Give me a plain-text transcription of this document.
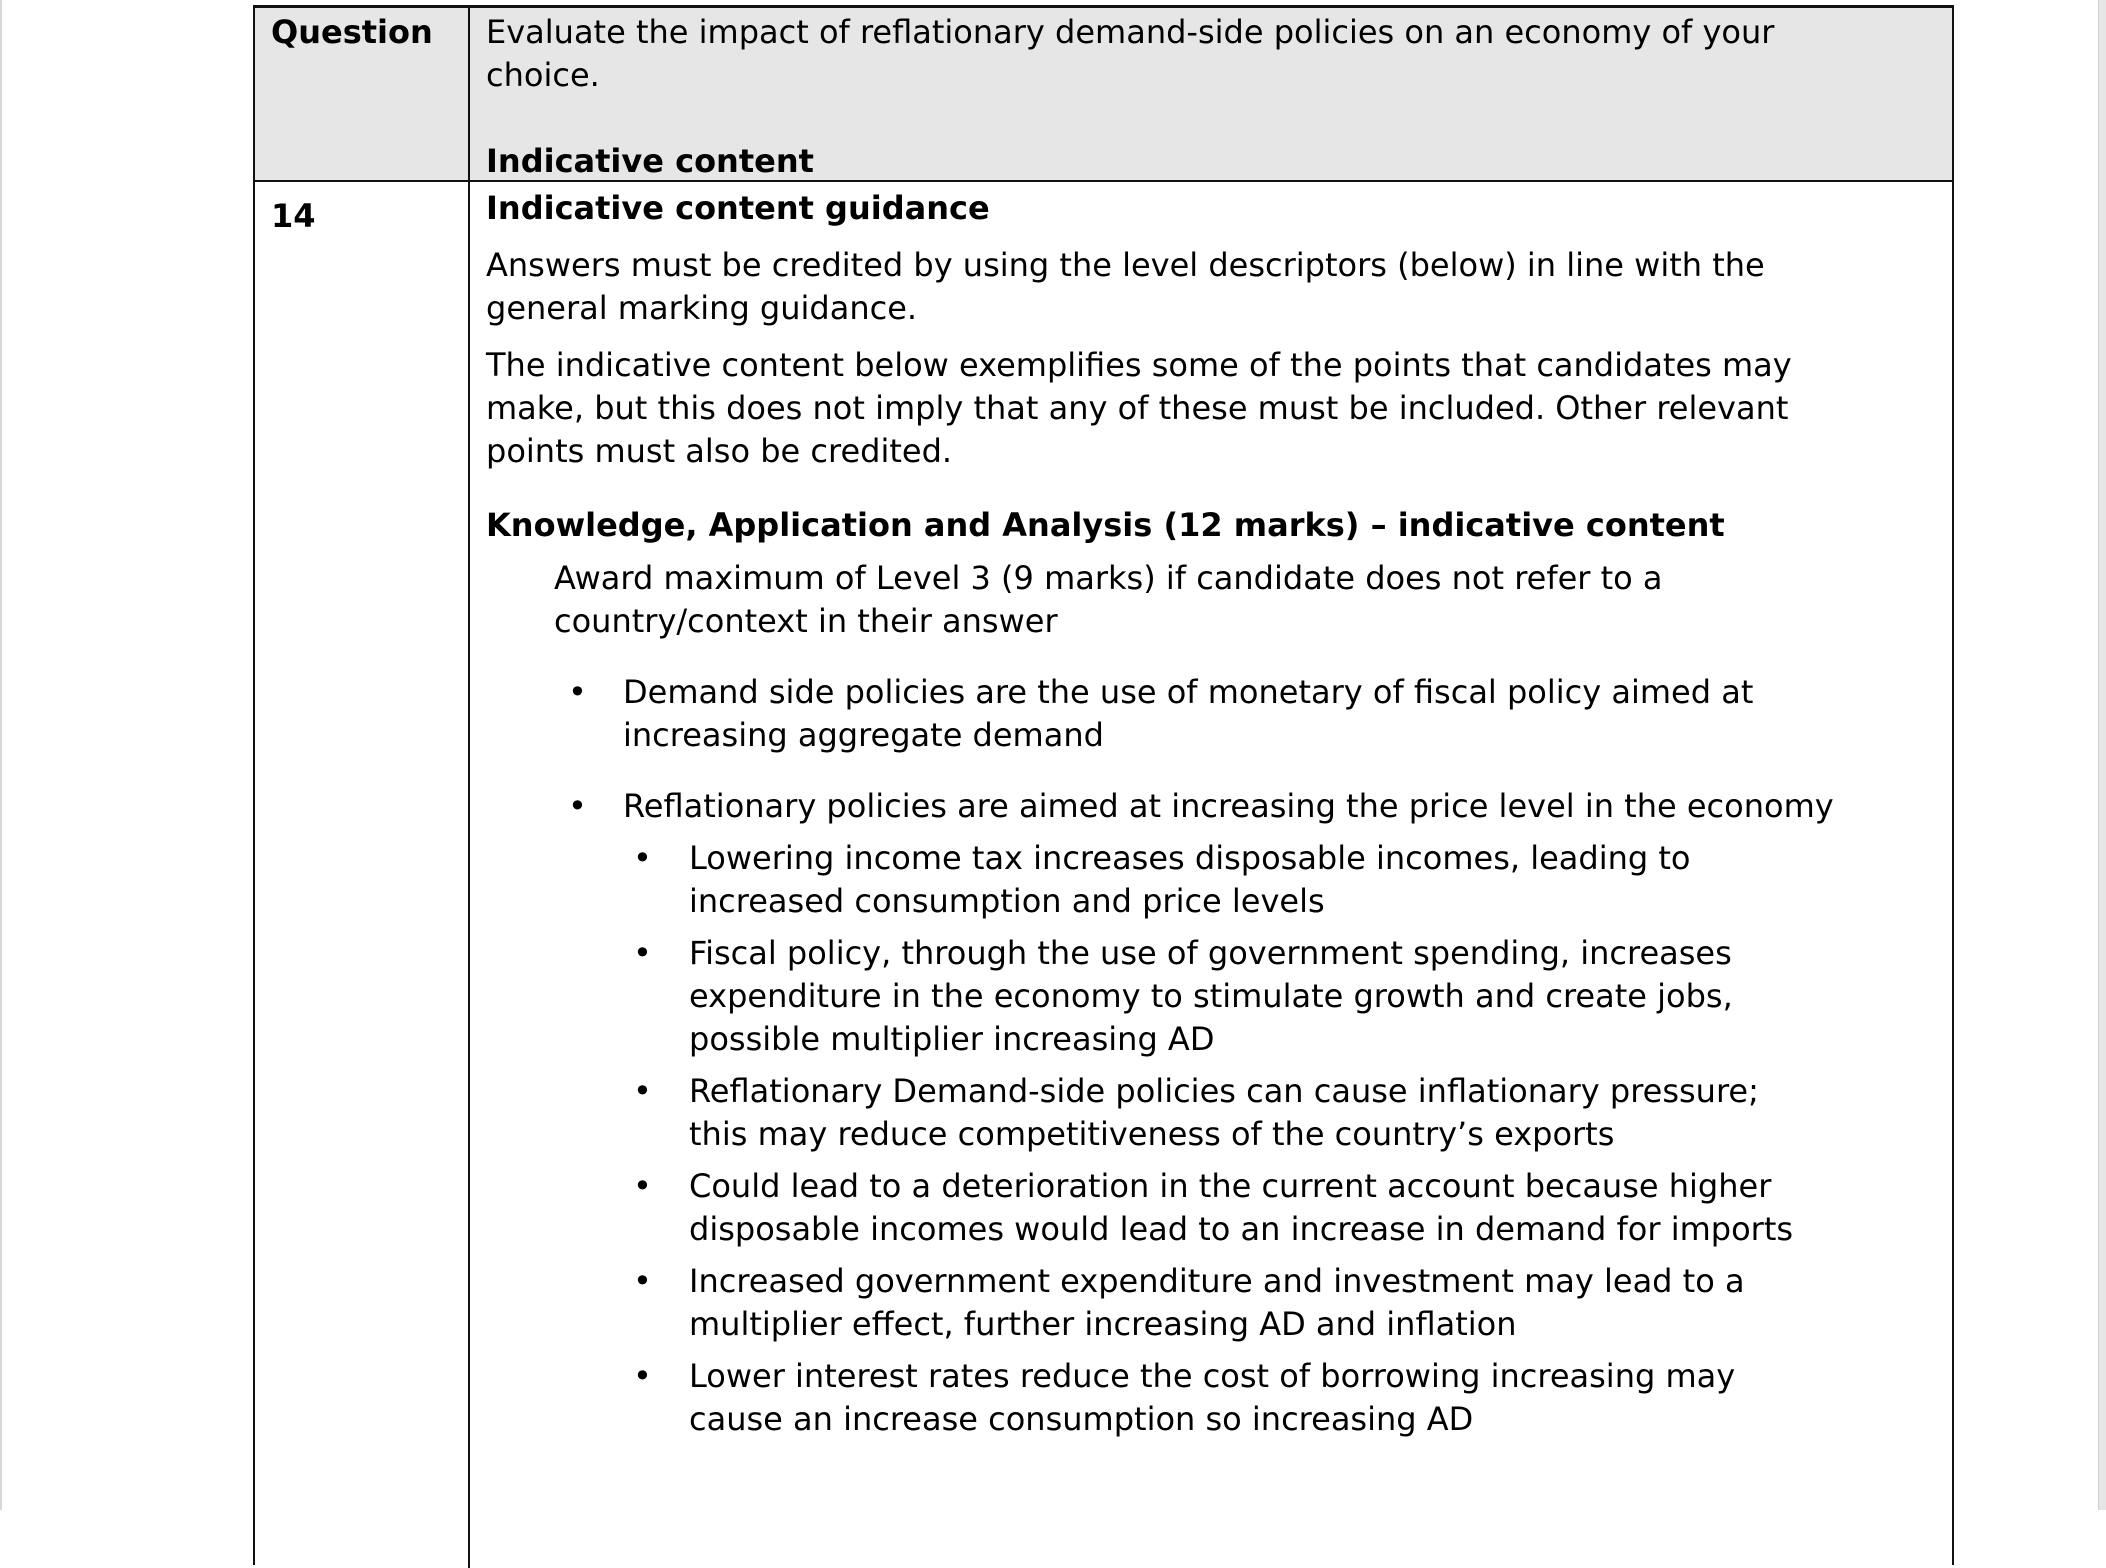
Question	Evaluate the impact of reflationary demand-side policies on an economy of your choice.
Indicative content
14	Indicative content guidance

Answers must be credited by using the level descriptors (below) in line with the general marking guidance.

The indicative content below exemplifies some of the points that candidates may make, but this does not imply that any of these must be included. Other relevant points must also be credited.

Knowledge, Application and Analysis (12 marks) – indicative content
Award maximum of Level 3 (9 marks) if candidate does not refer to a country/context in their answer
•	Demand side policies are the use of monetary of fiscal policy aimed at increasing aggregate demand
•	Reflationary policies are aimed at increasing the price level in the economy
•	Lowering income tax increases disposable incomes, leading to increased consumption and price levels
•	Fiscal policy, through the use of government spending, increases expenditure in the economy to stimulate growth and create jobs, possible multiplier increasing AD
•	Reflationary Demand-side policies can cause inflationary pressure; this may reduce competitiveness of the country’s exports
•	Could lead to a deterioration in the current account because higher disposable incomes would lead to an increase in demand for imports
•	Increased government expenditure and investment may lead to a multiplier effect, further increasing AD and inflation
•	Lower interest rates reduce the cost of borrowing increasing may cause an increase consumption so increasing AD
